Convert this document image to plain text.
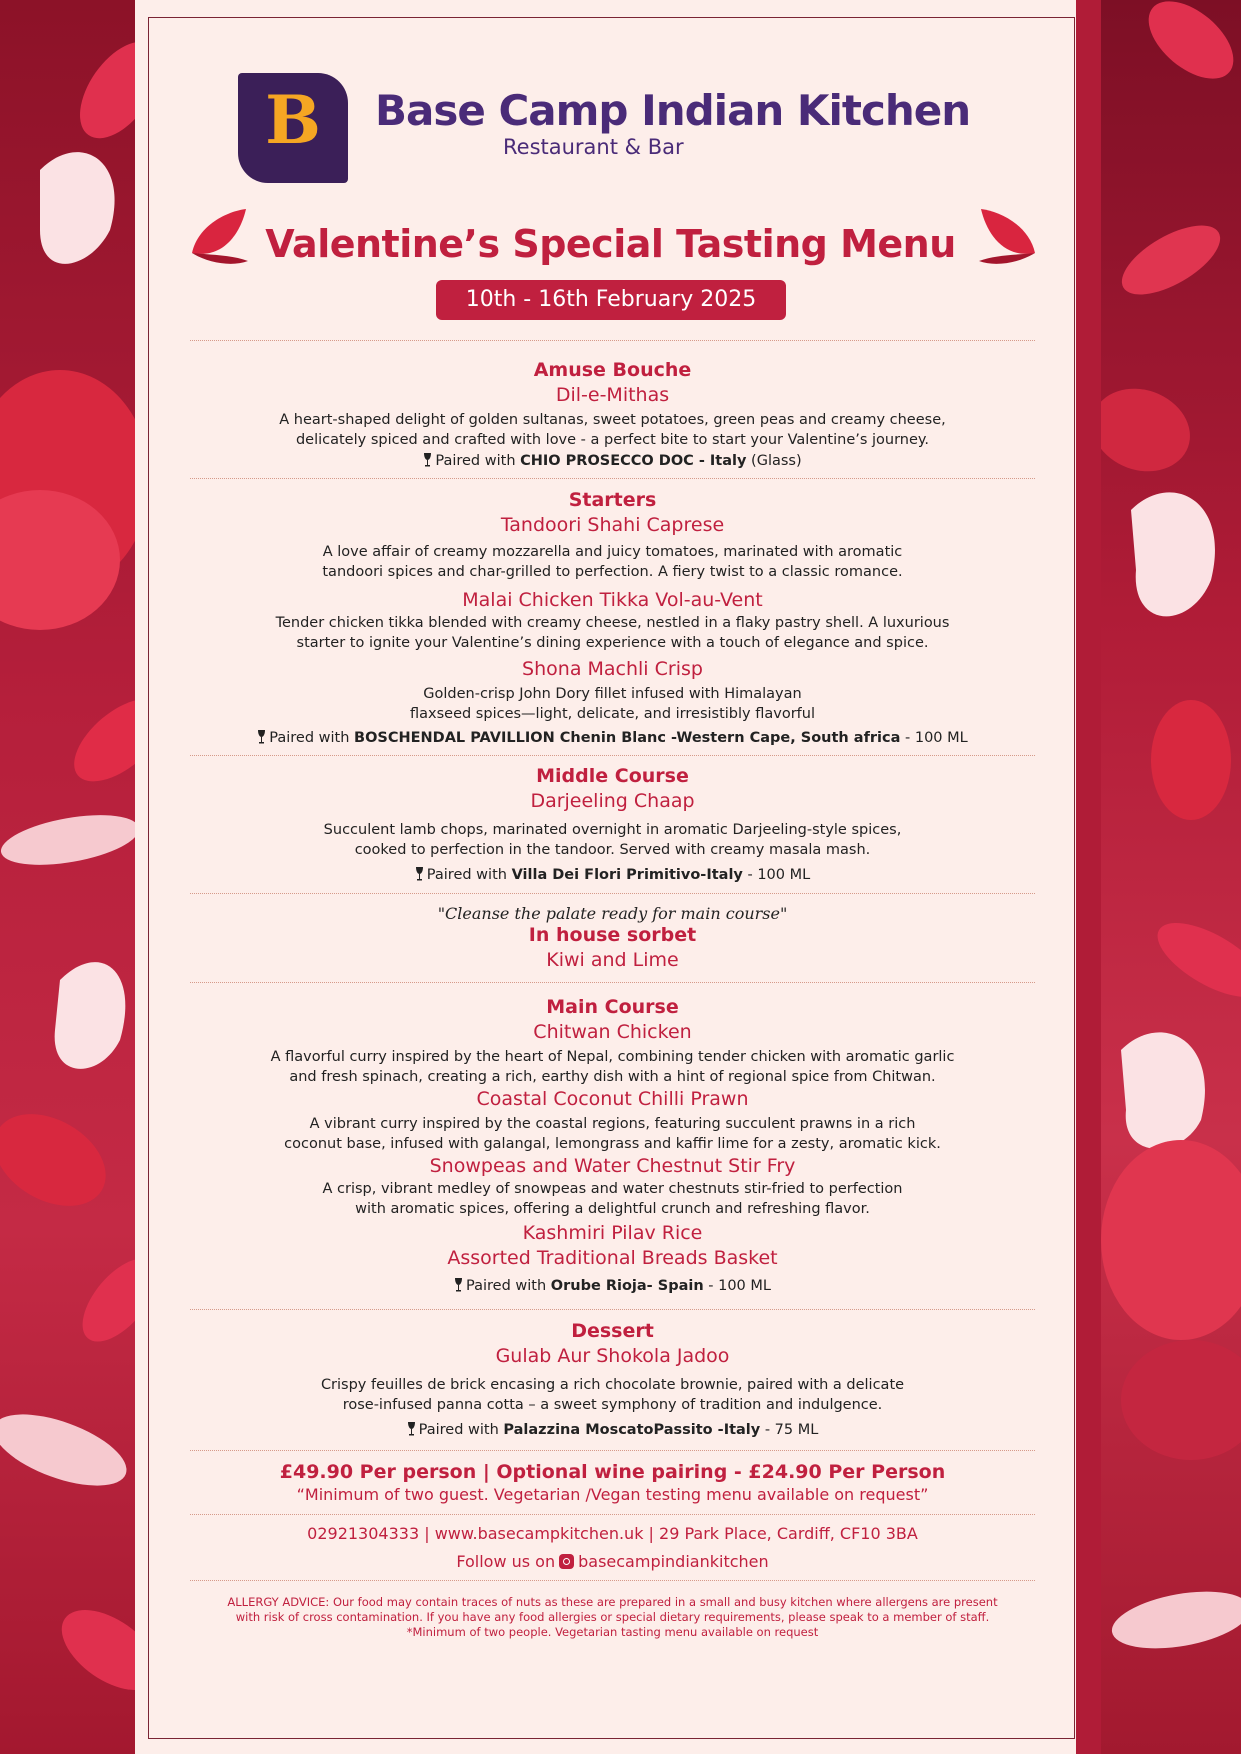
B	Base Camp Indian Kitchen
Restaurant & Bar
Valentine’s Special Tasting Menu
10th - 16th February 2025

Amuse Bouche

Dil-e-Mithas

A heart-shaped delight of golden sultanas, sweet potatoes, green peas and creamy cheese,
delicately spiced and crafted with love - a perfect bite to start your Valentine’s journey.

Paired with CHIO PROSECCO DOC - Italy (Glass)

Starters

Tandoori Shahi Caprese

A love affair of creamy mozzarella and juicy tomatoes, marinated with aromatic
tandoori spices and char-grilled to perfection. A fiery twist to a classic romance.

Malai Chicken Tikka Vol-au-Vent

Tender chicken tikka blended with creamy cheese, nestled in a flaky pastry shell. A luxurious
starter to ignite your Valentine’s dining experience with a touch of elegance and spice.

Shona Machli Crisp

Golden-crisp John Dory fillet infused with Himalayan
flaxseed spices—light, delicate, and irresistibly flavorful

Paired with BOSCHENDAL PAVILLION Chenin Blanc -Western Cape, South africa - 100 ML

Middle Course

Darjeeling Chaap

Succulent lamb chops, marinated overnight in aromatic Darjeeling-style spices,
cooked to perfection in the tandoor. Served with creamy masala mash.

Paired with Villa Dei Flori Primitivo-Italy - 100 ML
"Cleanse the palate ready for main course"

In house sorbet

Kiwi and Lime

Main Course

Chitwan Chicken

A flavorful curry inspired by the heart of Nepal, combining tender chicken with aromatic garlic
and fresh spinach, creating a rich, earthy dish with a hint of regional spice from Chitwan.

Coastal Coconut Chilli Prawn

A vibrant curry inspired by the coastal regions, featuring succulent prawns in a rich
coconut base, infused with galangal, lemongrass and kaffir lime for a zesty, aromatic kick.

Snowpeas and Water Chestnut Stir Fry

A crisp, vibrant medley of snowpeas and water chestnuts stir-fried to perfection
with aromatic spices, offering a delightful crunch and refreshing flavor.

Kashmiri Pilav Rice

Assorted Traditional Breads Basket

Paired with Orube Rioja- Spain - 100 ML

Dessert

Gulab Aur Shokola Jadoo

Crispy feuilles de brick encasing a rich chocolate brownie, paired with a delicate
rose-infused panna cotta – a sweet symphony of tradition and indulgence.

Paired with Palazzina MoscatoPassito -Italy - 75 ML
£49.90 Per person | Optional wine pairing - £24.90 Per Person
“Minimum of two guest. Vegetarian /Vegan testing menu available on request”
02921304333 | www.basecampkitchen.uk | 29 Park Place, Cardiff, CF10 3BA
Follow us on basecampindiankitchen
ALLERGY ADVICE: Our food may contain traces of nuts as these are prepared in a small and busy kitchen where allergens are present
with risk of cross contamination. If you have any food allergies or special dietary requirements, please speak to a member of staff.
*Minimum of two people. Vegetarian tasting menu available on request
